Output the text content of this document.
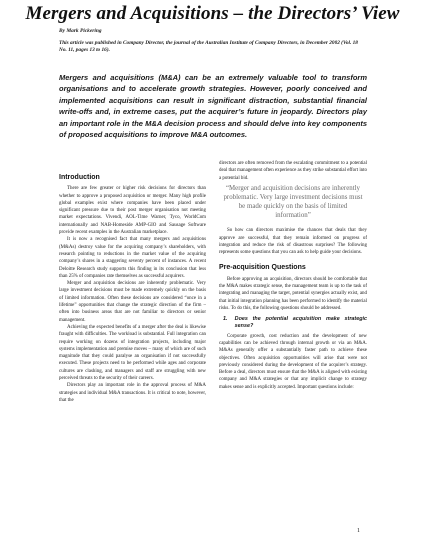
Mergers and Acquisitions – the Directors’ View
By Mark Pickering
This article was published in Company Director, the journal of the Australian Institute of Company Directors, in December 2002 (Vol. 18 No. 11, pages 13 to 16).
Mergers and acquisitions (M&A) can be an extremely valuable tool to transform organisations and to accelerate growth strategies. However, poorly conceived and implemented acquisitions can result in significant distraction, substantial financial write-offs and, in extreme cases, put the acquirer’s future in jeopardy. Directors play an important role in the M&A decision process and should delve into key components of proposed acquisitions to improve M&A outcomes.
Introduction

There are few greater or higher risk decisions for directors than whether to approve a proposed acquisition or merger. Many high profile global examples exist where companies have been placed under significant pressure due to their post merger organisation not meeting market expectations. Vivendi, AOL-Time Warner, Tyco, WorldCom internationally and NAB-Homeside AMP-GIO and Sausage Software provide recent examples in the Australian marketplace.

It is now a recognised fact that many mergers and acquisitions (M&As) destroy value for the acquiring company’s shareholders, with research pointing to reductions in the market value of the acquiring company’s shares in a staggering seventy percent of instances. A recent Deloitte Research study supports this finding in its conclusion that less than 25% of companies rate themselves as successful acquirers.

Merger and acquisition decisions are inherently problematic. Very large investment decisions must be made extremely quickly on the basis of limited information. Often these decisions are considered “once in a lifetime” opportunities that change the strategic direction of the firm – often into business areas that are not familiar to directors or senior management.

Achieving the expected benefits of a merger after the deal is likewise fraught with difficulties. The workload is substantial. Full integration can require working on dozens of integration projects, including major systems implementation and premise moves – many of which are of such magnitude that they could paralyse an organisation if not successfully executed. These projects need to be performed while ages and corporate cultures are clashing, and managers and staff are struggling with new perceived threats to the security of their careers.

Directors play an important role in the approval process of M&A strategies and individual M&A transactions. It is critical to note, however, that the

directors are often removed from the escalating commitment to a potential deal that management often experience as they strike substantial effort into a potential bid.

“Merger and acquisition decisions are inherently problematic. Very large investment decisions must be made quickly on the basis of limited information”

So how can directors maximise the chances that deals that they approve are successful, that they remain informed on progress of integration and reduce the risk of disastrous surprises? The following represents some questions that you can ask to help guide your decisions.

Pre-acquisition Questions

Before approving an acquisition, directors should be comfortable that the M&A makes strategic sense, the management team is up to the task of integrating and managing the target, potential synergies actually exist, and that initial integration planning has been performed to identify the material risks. To do this, the following questions should be addressed.

1.	Does the potential acquisition make strategic sense?

Corporate growth, cost reduction and the development of new capabilities can be achieved through internal growth or via an M&A. M&As generally offer a substantially faster path to achieve these objectives. Often acquisition opportunities will arise that were not previously considered during the development of the acquirer’s strategy. Before a deal, directors must ensure that the M&A is aligned with existing company and M&A strategies or that any implicit change to strategy makes sense and is explicitly accepted. Important questions include:

1
